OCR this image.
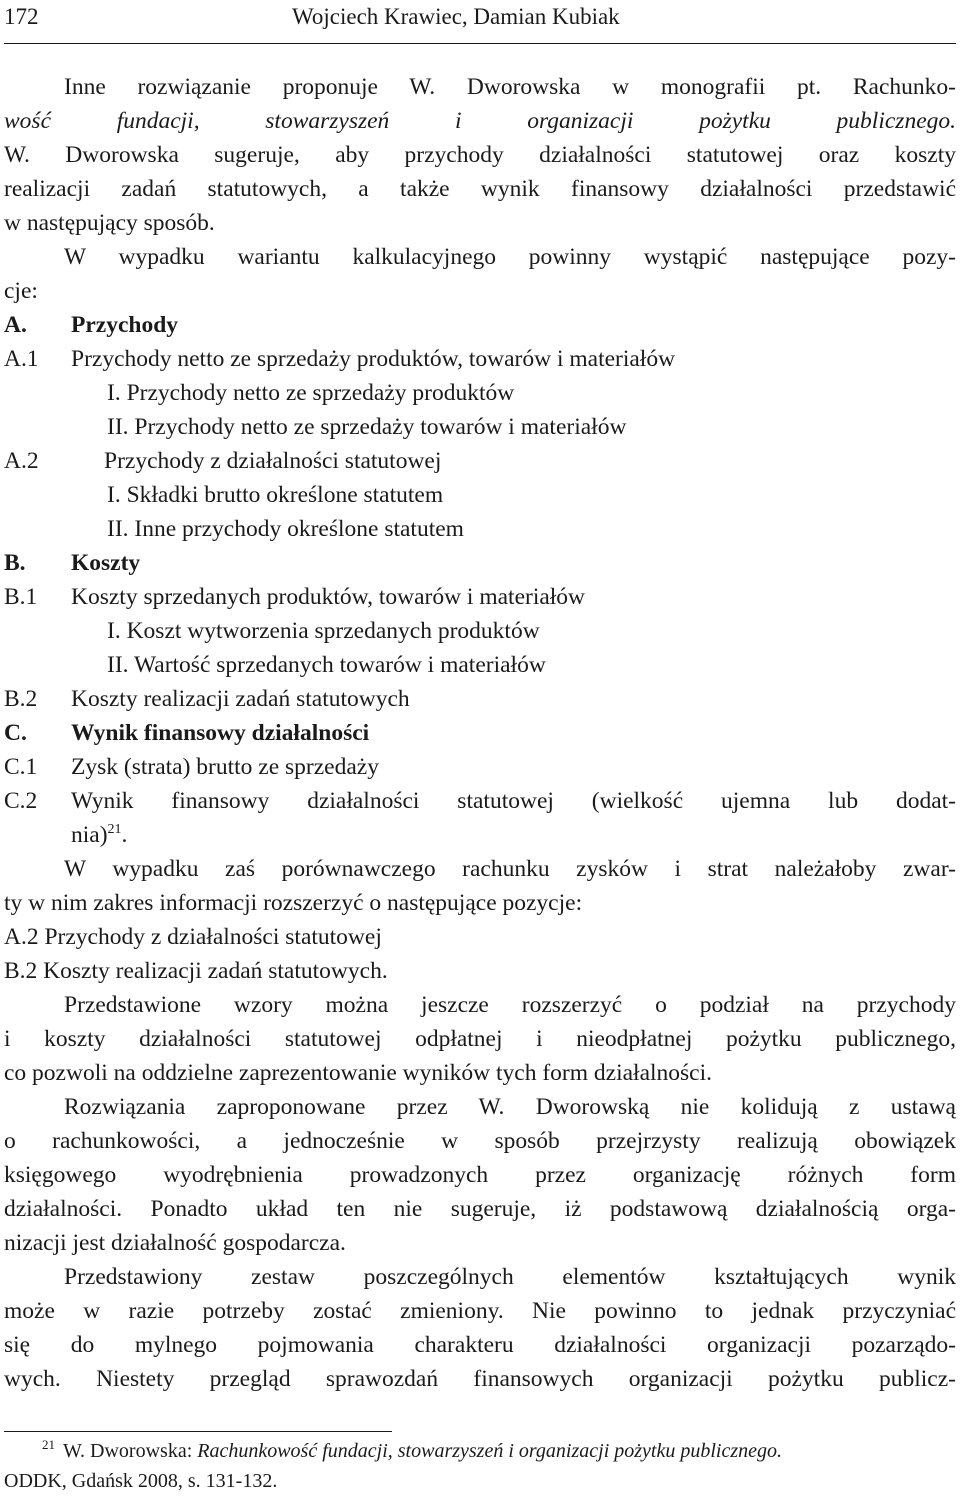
172	Wojciech Krawiec, Damian Kubiak
Inne rozwiązanie proponuje W. Dworowska w monografii pt. Rachunko-
wość fundacji, stowarzyszeń i organizacji pożytku publicznego.
W. Dworowska sugeruje, aby przychody działalności statutowej oraz koszty
realizacji zadań statutowych, a także wynik finansowy działalności przedstawić
w następujący sposób.
W wypadku wariantu kalkulacyjnego powinny wystąpić następujące pozy-
cje:
A. Przychody
A.1 Przychody netto ze sprzedaży produktów, towarów i materiałów
I. Przychody netto ze sprzedaży produktów
II. Przychody netto ze sprzedaży towarów i materiałów
A.2	Przychody z działalności statutowej
I. Składki brutto określone statutem
II. Inne przychody określone statutem
B. Koszty
B.1 Koszty sprzedanych produktów, towarów i materiałów
I. Koszt wytworzenia sprzedanych produktów
II. Wartość sprzedanych towarów i materiałów
B.2 Koszty realizacji zadań statutowych
C. Wynik finansowy działalności
C.1 Zysk (strata) brutto ze sprzedaży
C.2 Wynik finansowy działalności statutowej (wielkość ujemna lub dodat-
nia)$^{21}$.
W wypadku zaś porównawczego rachunku zysków i strat należałoby zwar-
ty w nim zakres informacji rozszerzyć o następujące pozycje:
A.2 Przychody z działalności statutowej
B.2 Koszty realizacji zadań statutowych.
Przedstawione wzory można jeszcze rozszerzyć o podział na przychody
i koszty działalności statutowej odpłatnej i nieodpłatnej pożytku publicznego,
co pozwoli na oddzielne zaprezentowanie wyników tych form działalności.
Rozwiązania zaproponowane przez W. Dworowską nie kolidują z ustawą
o rachunkowości, a jednocześnie w sposób przejrzysty realizują obowiązek
księgowego wyodrębnienia prowadzonych przez organizację różnych form
działalności. Ponadto układ ten nie sugeruje, iż podstawową działalnością orga-
nizacji jest działalność gospodarcza.
Przedstawiony zestaw poszczególnych elementów kształtujących wynik
może w razie potrzeby zostać zmieniony. Nie powinno to jednak przyczyniać
się do mylnego pojmowania charakteru działalności organizacji pozarządo-
wych. Niestety przegląd sprawozdań finansowych organizacji pożytku publicz-
$^{21}$ W. Dworowska: Rachunkowość fundacji, stowarzyszeń i organizacji pożytku publicznego.
ODDK, Gdańsk 2008, s. 131-132.
